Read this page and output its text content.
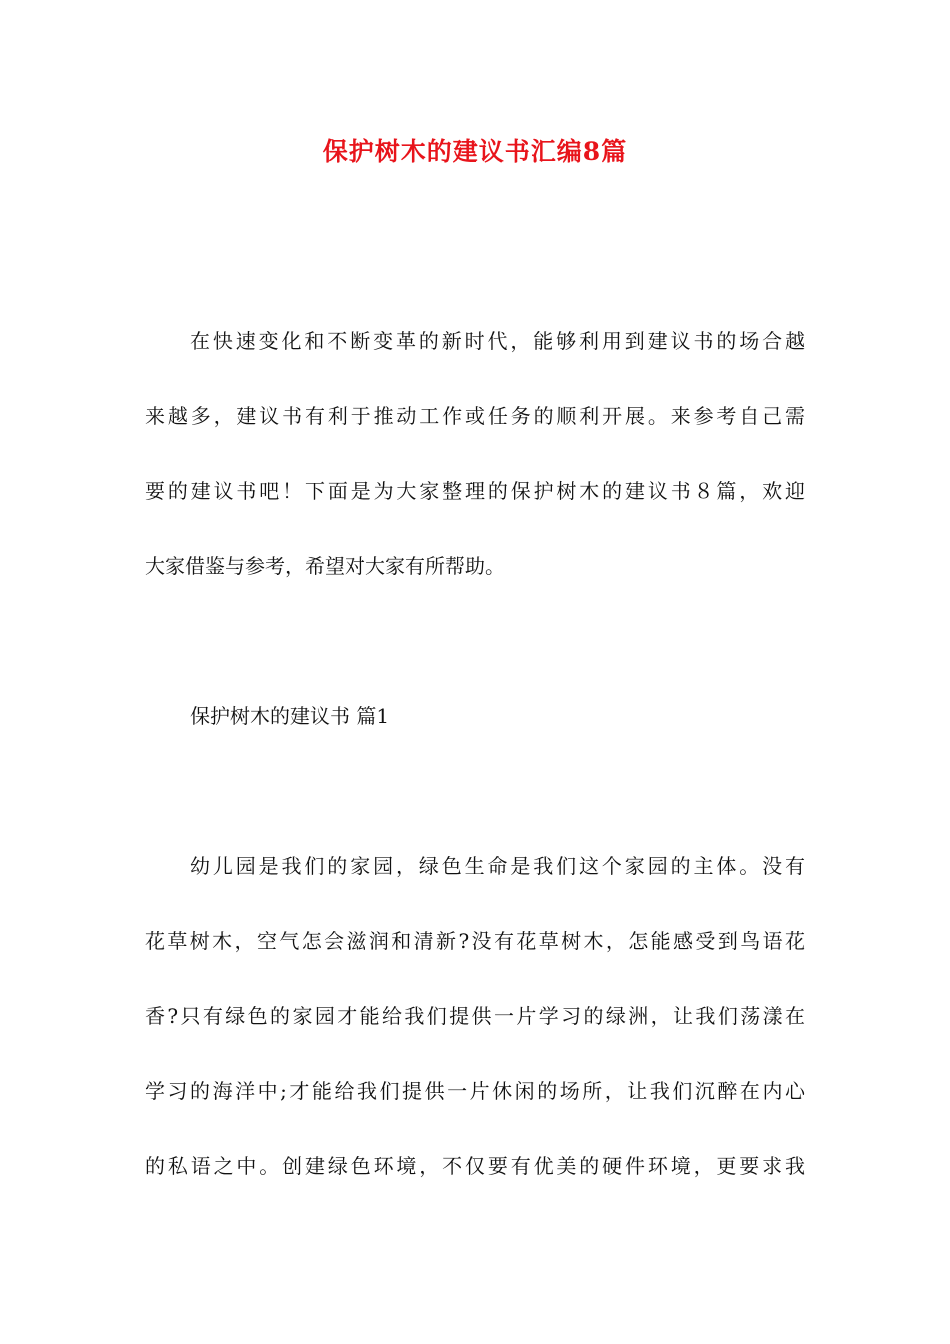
保护树木的建议书汇编8篇
在快速变化和不断变革的新时代，能够利用到建议书的场合越
来越多，建议书有利于推动工作或任务的顺利开展。来参考自己需
要的建议书吧！下面是为大家整理的保护树木的建议书８篇，欢迎
大家借鉴与参考，希望对大家有所帮助。
保护树木的建议书 篇1
幼儿园是我们的家园，绿色生命是我们这个家园的主体。没有
花草树木，空气怎会滋润和清新?没有花草树木，怎能感受到鸟语花
香?只有绿色的家园才能给我们提供一片学习的绿洲，让我们荡漾在
学习的海洋中;才能给我们提供一片休闲的场所，让我们沉醉在内心
的私语之中。创建绿色环境，不仅要有优美的硬件环境，更要求我
